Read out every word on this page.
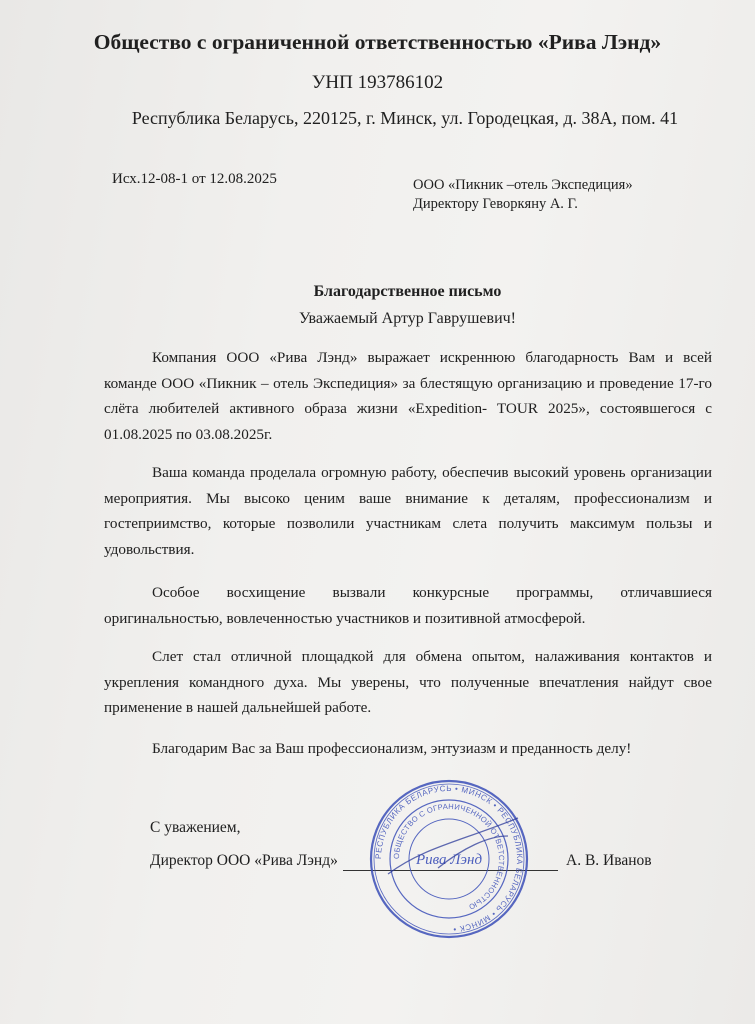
Общество с ограниченной ответственностью «Рива Лэнд»
УНП 193786102
Республика Беларусь, 220125, г. Минск, ул. Городецкая, д. 38А, пом. 41
Исх.12-08-1 от 12.08.2025	ООО «Пикник –отель Экспедиция»
Директору Геворкяну А. Г.
Благодарственное письмо
Уважаемый Артур Гаврушевич!
Компания ООО «Рива Лэнд» выражает искреннюю благодарность Вам и всей команде ООО «Пикник – отель Экспедиция» за блестящую организацию и проведение 17-го слёта любителей активного образа жизни «Expedition- TOUR 2025», состоявшегося с 01.08.2025 по 03.08.2025г.
Ваша команда проделала огромную работу, обеспечив высокий уровень организации мероприятия. Мы высоко ценим ваше внимание к деталям, профессионализм и гостеприимство, которые позволили участникам слета получить максимум пользы и удовольствия.
Особое восхищение вызвали конкурсные программы, отличавшиеся оригинальностью, вовлеченностью участников и позитивной атмосферой.
Слет стал отличной площадкой для обмена опытом, налаживания контактов и укрепления командного духа. Мы уверены, что полученные впечатления найдут свое применение в нашей дальнейшей работе.
Благодарим Вас за Ваш профессионализм, энтузиазм и преданность делу!
С уважением,
Директор ООО «Рива Лэнд»	А. В. Иванов
РЕСПУБЛИКА БЕЛАРУСЬ • МИНСК • РЕСПУБЛИКА БЕЛАРУСЬ • МИНСК •
ОБЩЕСТВО С ОГРАНИЧЕННОЙ ОТВЕТСТВЕННОСТЬЮ
Рива Лэнд
